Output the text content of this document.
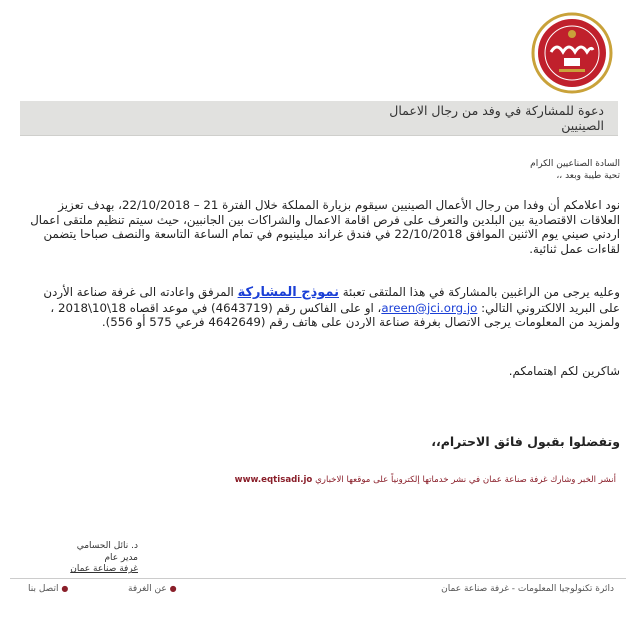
دعوة للمشاركة في وفد من رجال الاعمال الصينيين
السادة الصناعيين الكرام
تحية طيبة وبعد ،،
نود اعلامكم أن وفدا من رجال الأعمال الصينيين سيقوم بزيارة المملكة خلال الفترة 21 – 22/10/2018، بهدف تعزيز العلاقات الاقتصادية بين البلدين والتعرف على فرص اقامة الاعمال والشراكات بين الجانبين، حيث سيتم تنظيم ملتقى اعمال اردني صيني يوم الاثنين الموافق 22/10/2018 في فندق غراند ميلينيوم في تمام الساعة التاسعة والنصف صباحا يتضمن لقاءات عمل ثنائية.
وعليه يرجى من الراغبين بالمشاركة في هذا الملتقى تعبئة نموذج المشاركة المرفق واعادته الى غرفة صناعة الأردن على البريد الالكتروني التالي: areen@jci.org.jo، او على الفاكس رقم (4643719) في موعد اقصاه 18\10\2018 ، ولمزيد من المعلومات يرجى الاتصال بغرفة صناعة الاردن على هاتف رقم (4642649 فرعي 575 أو 556).
شاكرين لكم اهتمامكم.
وتفضلوا بقبول فائق الاحترام،،
أنشر الخبر وشارك غرفة صناعة عمان في نشر خدماتها إلكترونياً على موقعها الاخباري www.eqtisadi.jo
د. نائل الحسامي
مدير عام
غرفة صناعة عمان
دائرة تكنولوجيا المعلومات - غرفة صناعة عمان
● عن الغرفة
● اتصل بنا
